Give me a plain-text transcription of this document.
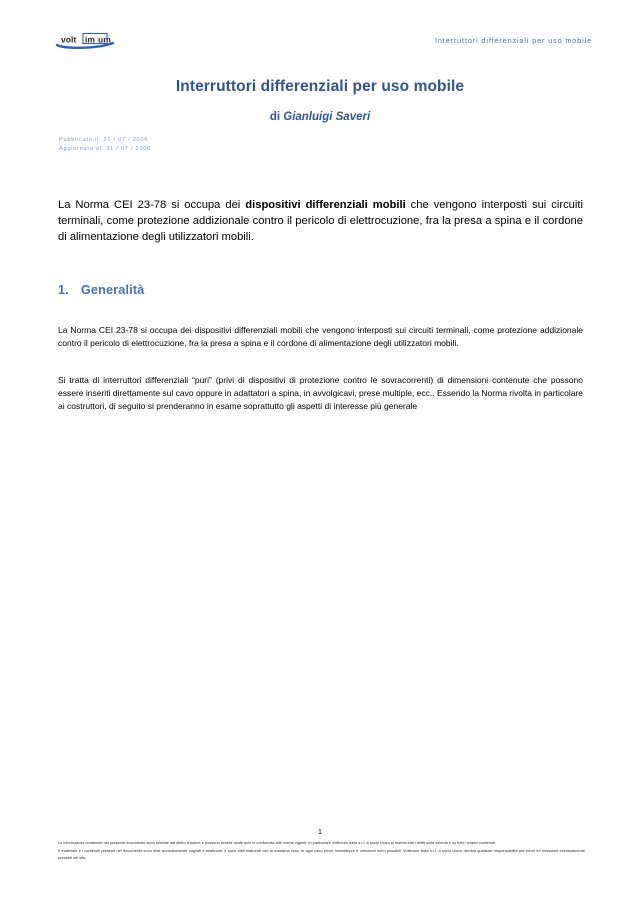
volt im um	Interruttori differenziali per uso mobile
Interruttori differenziali per uso mobile
di Gianluigi Saveri
Pubblicato il: 31 / 07 / 2006
Aggiornato al: 31 / 07 / 2006
La Norma CEI 23-78 si occupa dei dispositivi differenziali mobili che vengono interposti sui circuiti terminali, come protezione addizionale contro il pericolo di elettrocuzione, fra la presa a spina e il cordone di alimentazione degli utilizzatori mobili.
1. Generalità
La Norma CEI 23-78 si occupa dei dispositivi differenziali mobili che vengono interposti sui circuiti terminali, come protezione addizionale contro il pericolo di elettrocuzione, fra la presa a spina e il cordone di alimentazione degli utilizzatori mobili.
Si tratta di interruttori differenziali “puri” (privi di dispositivi di protezione contro le sovracorrenti) di dimensioni contenute che possono essere inseriti direttamente sul cavo oppure in adattatori a spina, in avvolgicavi, prese multiple, ecc.. Essendo la Norma rivolta in particolare ai costruttori, di seguito si prenderanno in esame soprattutto gli aspetti di interesse più generale
1

Le informazioni contenute nel presente documento sono tutelate dal diritto d'autore e possono essere usate solo in conformità alle norme vigenti. In particolare Voltimum Italia s.r.l. a socio Unico si riserva tutti i diritti sulla scheda e su tutti i relativi contenuti.

Il materiale e i contenuti presenti nel documento sono stati accuratamente vagliati e analizzati, e sono stati elaborati con la massima cura. In ogni caso errori, inesattezze e omissioni sono possibili. Voltimum Italia s.r.l. a socio Unico declina qualsiasi responsabilità per errori ed omissioni eventualmente presenti nel sito.
